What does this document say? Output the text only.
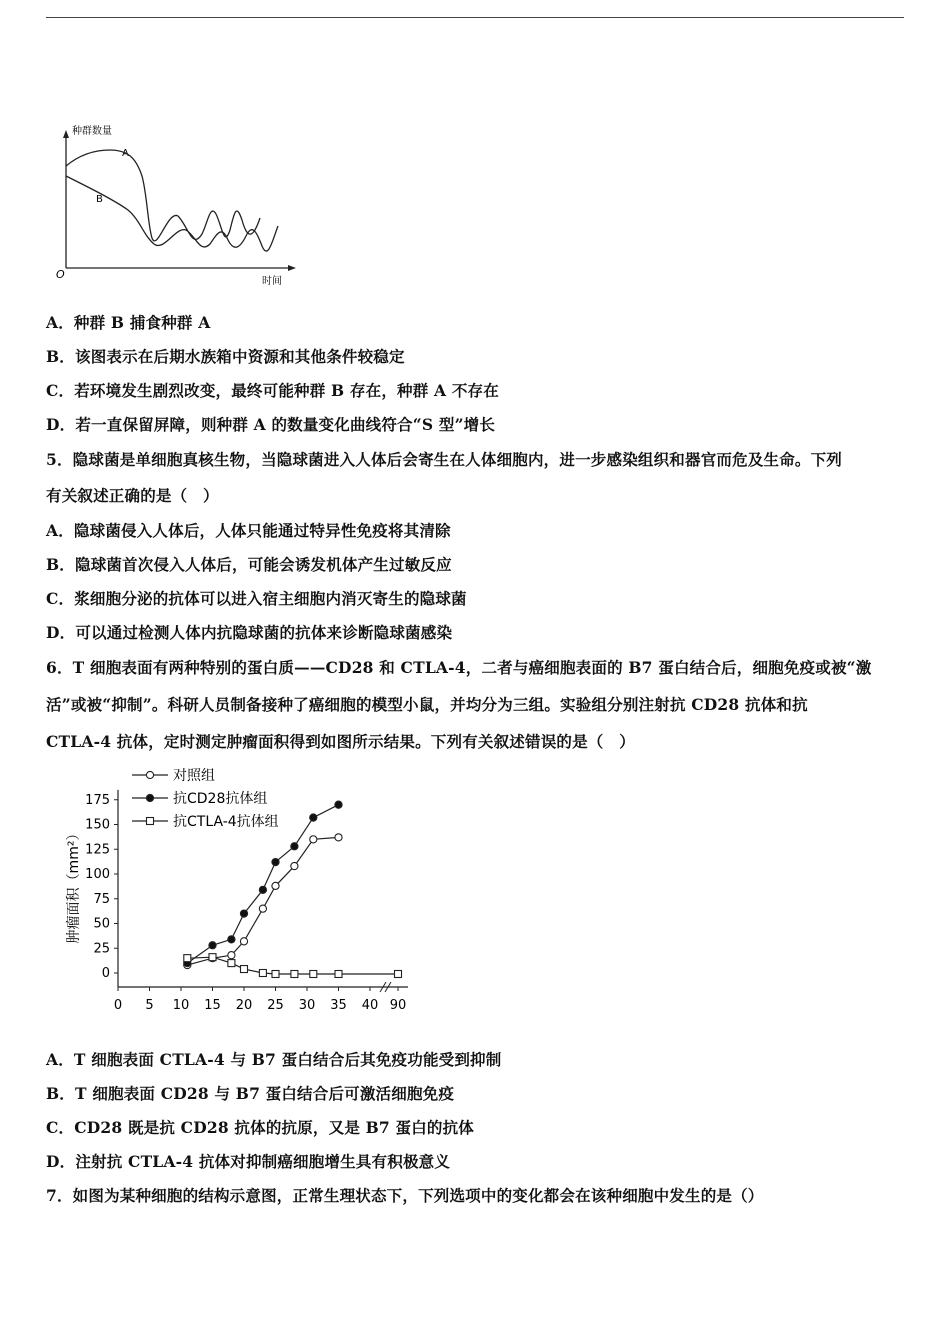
种群数量
时间
O
A
B
A．种群 B 捕食种群 A
B．该图表示在后期水族箱中资源和其他条件较稳定
C．若环境发生剧烈改变，最终可能种群 B 存在，种群 A 不存在
D．若一直保留屏障，则种群 A 的数量变化曲线符合“S 型”增长
5．隐球菌是单细胞真核生物，当隐球菌进入人体后会寄生在人体细胞内，进一步感染组织和器官而危及生命。下列
有关叙述正确的是（　）
A．隐球菌侵入人体后，人体只能通过特异性免疫将其清除
B．隐球菌首次侵入人体后，可能会诱发机体产生过敏反应
C．浆细胞分泌的抗体可以进入宿主细胞内消灭寄生的隐球菌
D．可以通过检测人体内抗隐球菌的抗体来诊断隐球菌感染
6．T 细胞表面有两种特别的蛋白质——CD28 和 CTLA-4，二者与癌细胞表面的 B7 蛋白结合后，细胞免疫或被“激
活”或被“抑制”。科研人员制备接种了癌细胞的模型小鼠，并均分为三组。实验组分别注射抗 CD28 抗体和抗
CTLA-4 抗体，定时测定肿瘤面积得到如图所示结果。下列有关叙述错误的是（　）
肿瘤面积（mm²）
0
25
50
75
100
125
150
175
0 5 10 15 20 25 30 35 40 90
对照组
抗CD28抗体组
抗CTLA-4抗体组
A．T 细胞表面 CTLA-4 与 B7 蛋白结合后其免疫功能受到抑制
B．T 细胞表面 CD28 与 B7 蛋白结合后可激活细胞免疫
C．CD28 既是抗 CD28 抗体的抗原，又是 B7 蛋白的抗体
D．注射抗 CTLA-4 抗体对抑制癌细胞增生具有积极意义
7．如图为某种细胞的结构示意图，正常生理状态下，下列选项中的变化都会在该种细胞中发生的是（）
